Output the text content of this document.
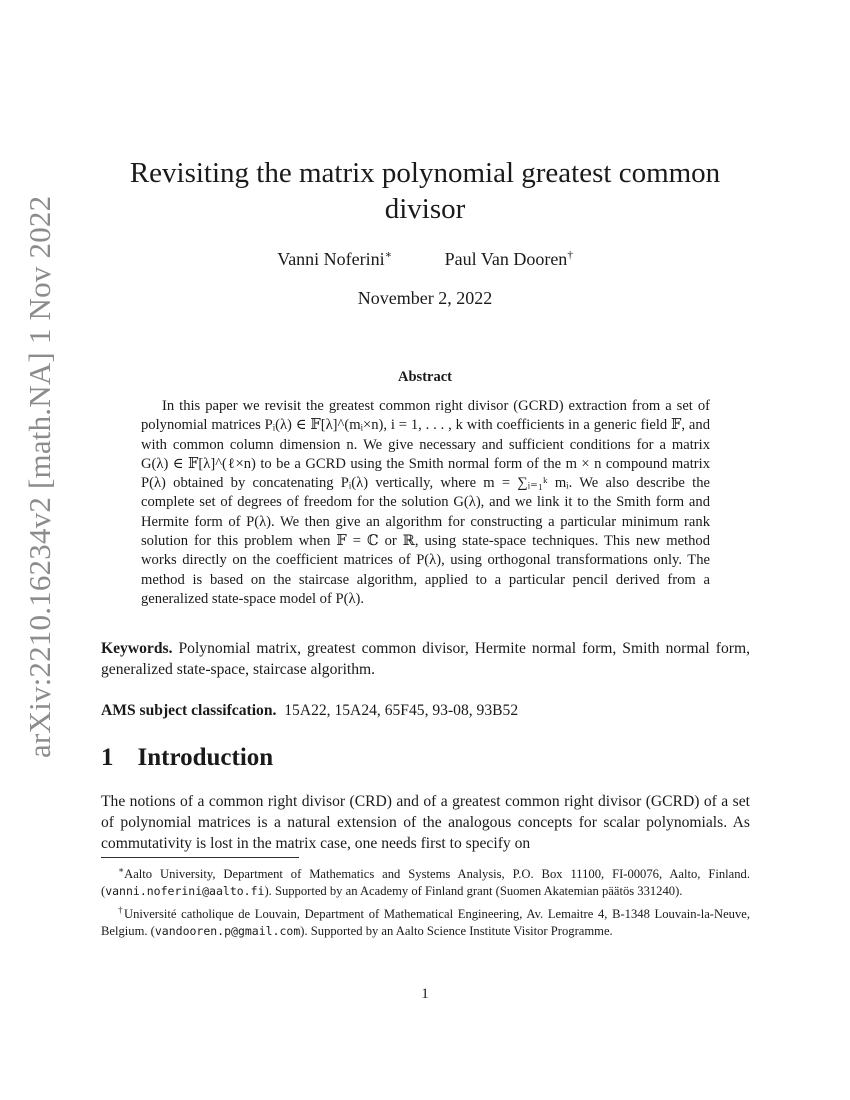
arXiv:2210.16234v2 [math.NA] 1 Nov 2022
Revisiting the matrix polynomial greatest common divisor
Vanni Noferini∗	Paul Van Dooren†
November 2, 2022
Abstract

In this paper we revisit the greatest common right divisor (GCRD) extraction from a set of polynomial matrices Pᵢ(λ) ∈ 𝔽[λ]^(mᵢ×n), i = 1, . . . , k with coefficients in a generic field 𝔽, and with common column dimension n. We give necessary and sufficient conditions for a matrix G(λ) ∈ 𝔽[λ]^(ℓ×n) to be a GCRD using the Smith normal form of the m × n compound matrix P(λ) obtained by concatenating Pᵢ(λ) vertically, where m = ∑ᵢ₌₁ᵏ mᵢ. We also describe the complete set of degrees of freedom for the solution G(λ), and we link it to the Smith form and Hermite form of P(λ). We then give an algorithm for constructing a particular minimum rank solution for this problem when 𝔽 = ℂ or ℝ, using state-space techniques. This new method works directly on the coefficient matrices of P(λ), using orthogonal transformations only. The method is based on the staircase algorithm, applied to a particular pencil derived from a generalized state-space model of P(λ).

Keywords. Polynomial matrix, greatest common divisor, Hermite normal form, Smith normal form, generalized state-space, staircase algorithm.

AMS subject classifcation. 15A22, 15A24, 65F45, 93-08, 93B52

1 Introduction

The notions of a common right divisor (CRD) and of a greatest common right divisor (GCRD) of a set of polynomial matrices is a natural extension of the analogous concepts for scalar polynomials. As commutativity is lost in the matrix case, one needs first to specify on

∗Aalto University, Department of Mathematics and Systems Analysis, P.O. Box 11100, FI-00076, Aalto, Finland. (vanni.noferini@aalto.fi). Supported by an Academy of Finland grant (Suomen Akatemian päätös 331240).

†Université catholique de Louvain, Department of Mathematical Engineering, Av. Lemaitre 4, B-1348 Louvain-la-Neuve, Belgium. (vandooren.p@gmail.com). Supported by an Aalto Science Institute Visitor Programme.

1
